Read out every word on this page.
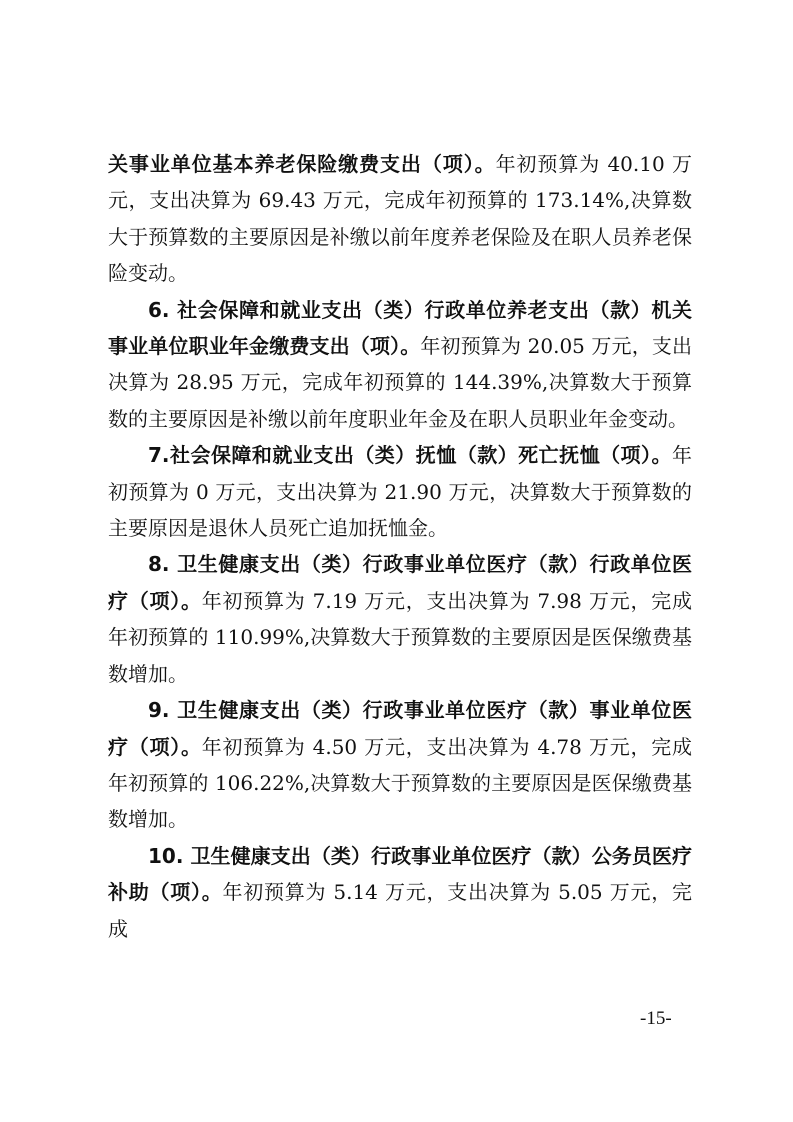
关事业单位基本养老保险缴费支出（项）。年初预算为 40.10 万元，支出决算为 69.43 万元，完成年初预算的 173.14%,决算数大于预算数的主要原因是补缴以前年度养老保险及在职人员养老保险变动。

6. 社会保障和就业支出（类）行政单位养老支出（款）机关事业单位职业年金缴费支出（项）。年初预算为 20.05 万元，支出决算为 28.95 万元，完成年初预算的 144.39%,决算数大于预算数的主要原因是补缴以前年度职业年金及在职人员职业年金变动。

7.社会保障和就业支出（类）抚恤（款）死亡抚恤（项）。年初预算为 0 万元，支出决算为 21.90 万元，决算数大于预算数的主要原因是退休人员死亡追加抚恤金。

8. 卫生健康支出（类）行政事业单位医疗（款）行政单位医疗（项）。年初预算为 7.19 万元，支出决算为 7.98 万元，完成年初预算的 110.99%,决算数大于预算数的主要原因是医保缴费基数增加。

9. 卫生健康支出（类）行政事业单位医疗（款）事业单位医疗（项）。年初预算为 4.50 万元，支出决算为 4.78 万元，完成年初预算的 106.22%,决算数大于预算数的主要原因是医保缴费基数增加。

10. 卫生健康支出（类）行政事业单位医疗（款）公务员医疗补助（项）。年初预算为 5.14 万元，支出决算为 5.05 万元，完成

-15-
